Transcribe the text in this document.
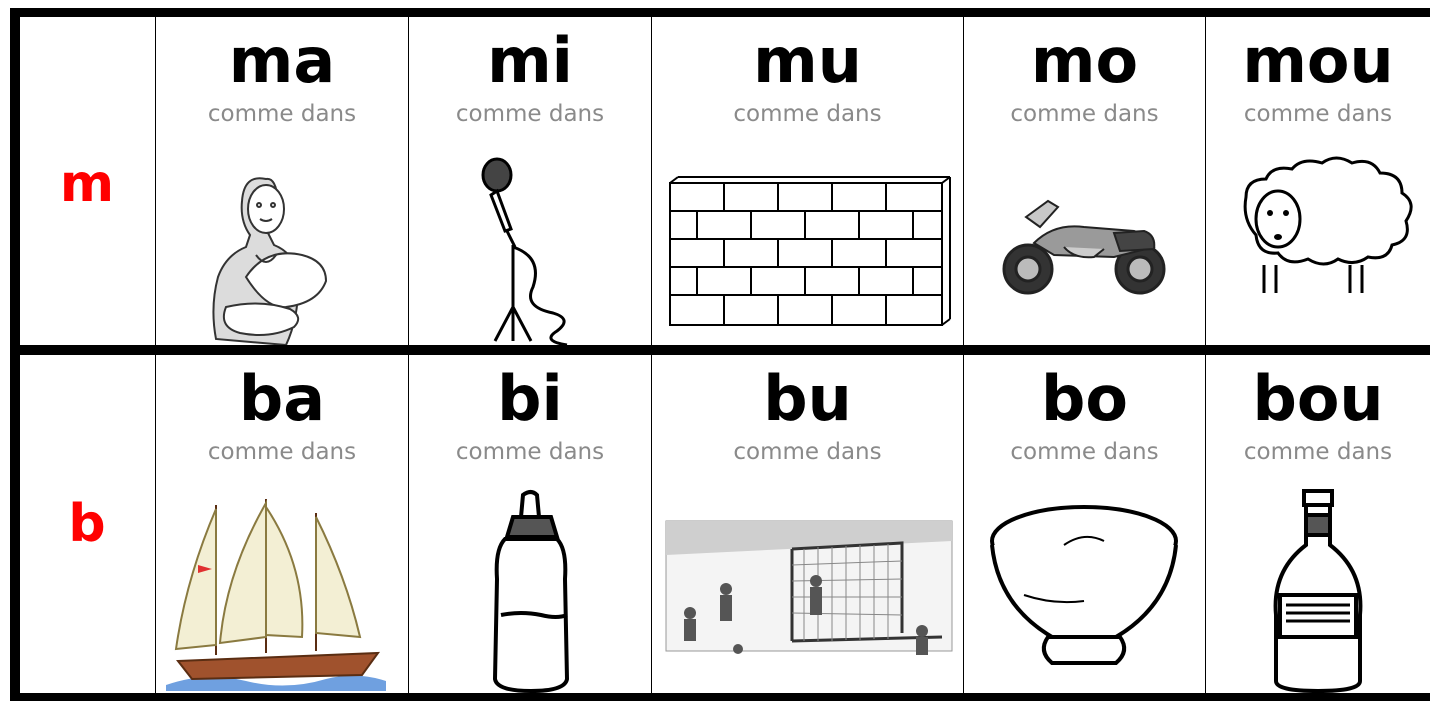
m
b
ma
comme dans
mi
comme dans
mu
comme dans
mo
comme dans
mou
comme dans
ba
comme dans
bi
comme dans
bu
comme dans
bo
comme dans
bou
comme dans
